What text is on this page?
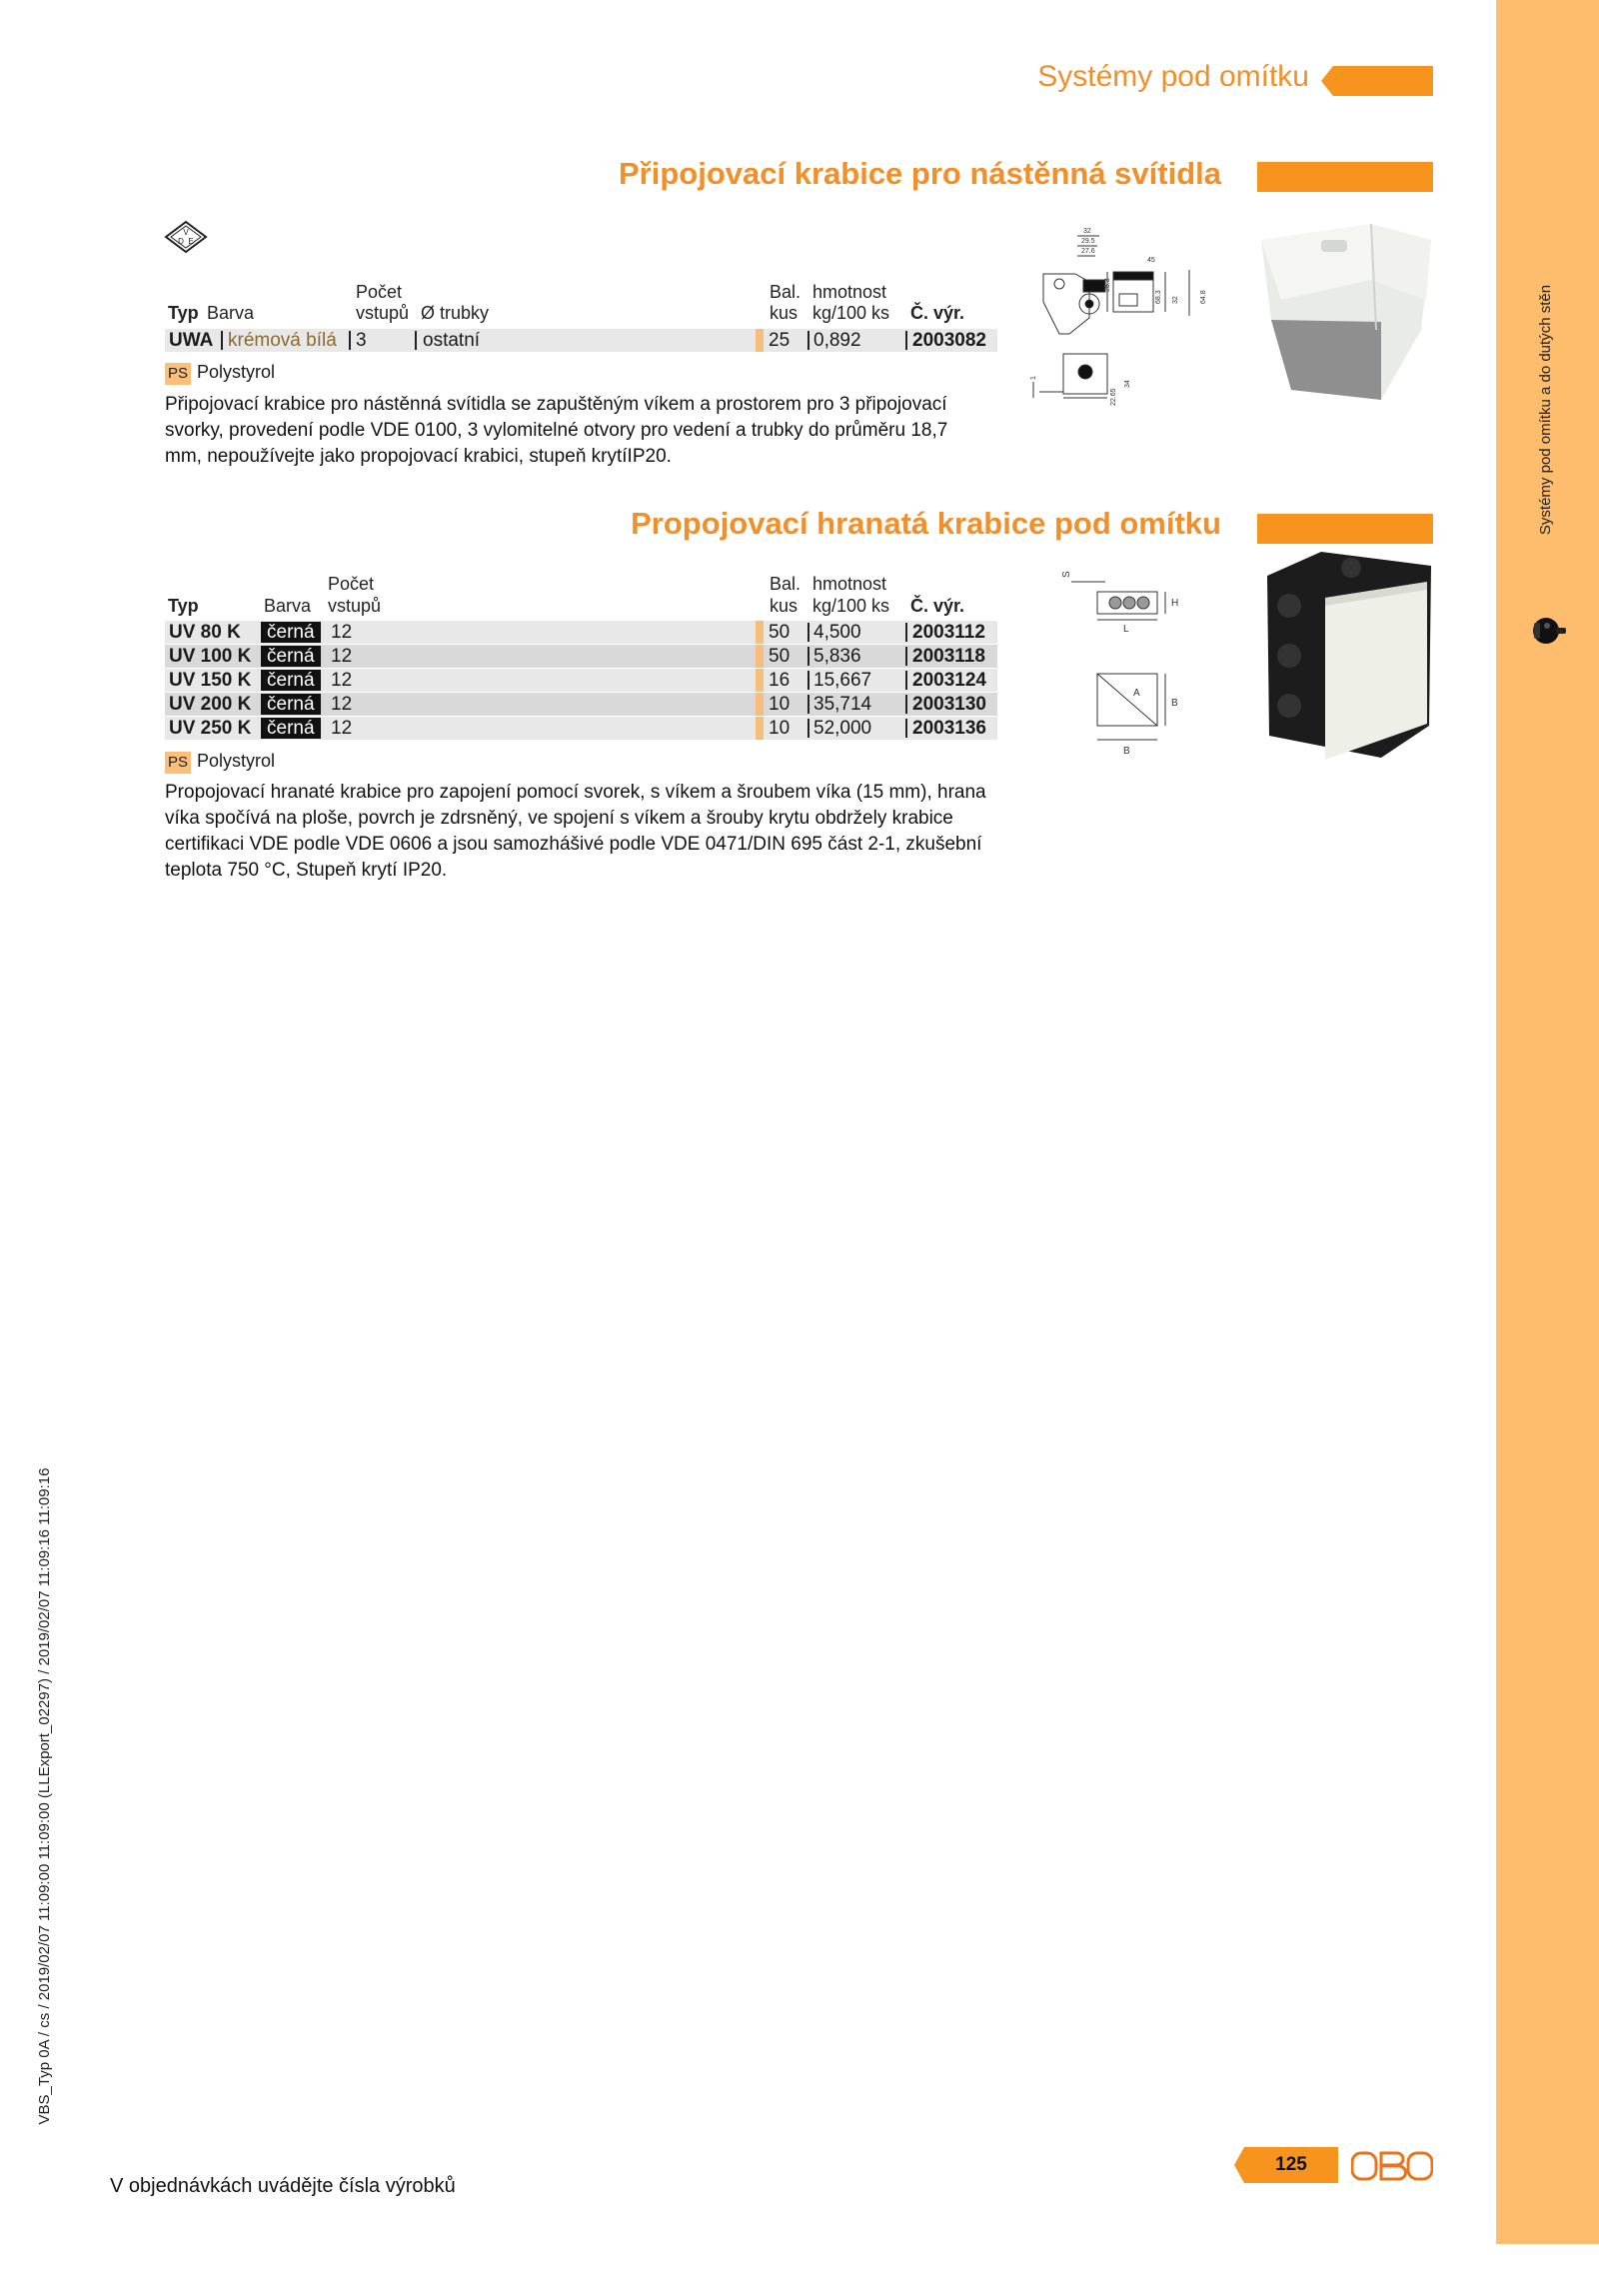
Systémy pod omítku a do dutých stěn
VBS_Typ 0A / cs / 2019/02/07 11:09:00 11:09:00 (LLExport_02297) / 2019/02/07 11:09:16 11:09:16
Systémy pod omítku
Připojovací krabice pro nástěnná svítidla
V
D E
Počet	Bal. hmotnost
Typ Barva	vstupů Ø trubky	kus kg/100 ks Č. výr.
UWA krémová bílá 3	ostatní	25 0,892	2003082
PS Polystyrol
Připojovací krabice pro nástěnná svítidla se zapuštěným víkem a prostorem pro 3 připojovací svorky, provedení podle VDE 0100, 3 vylomitelné otvory pro vedení a trubky do průměru 18,7 mm, nepoužívejte jako propojovací krabici, stupeň krytíIP20.
32
29.5
27.6
25.3
45
68.3 32	64.8
22.65
34
1
Propojovací hranatá krabice pod omítku
Počet	Bal. hmotnost
Typ	Barva vstupů	kus kg/100 ks Č. výr.
UV 80 K	černá 12	50 4,500	2003112
UV 100 K černá 12	50 5,836	2003118
UV 150 K černá 12	16 15,667 2003124
UV 200 K černá 12	10 35,714 2003130
UV 250 K černá 12	10 52,000 2003136
PS Polystyrol
Propojovací hranaté krabice pro zapojení pomocí svorek, s víkem a šroubem víka (15 mm), hrana víka spočívá na ploše, povrch je zdrsněný, ve spojení s víkem a šrouby krytu obdržely krabice certifikaci VDE podle VDE 0606 a jsou samozhášivé podle VDE 0471/DIN 695 část 2-1, zkušební teplota 750 °C, Stupeň krytí IP20.
S
H
L
A
B
B
V objednávkách uvádějte čísla výrobků
125	OBO
